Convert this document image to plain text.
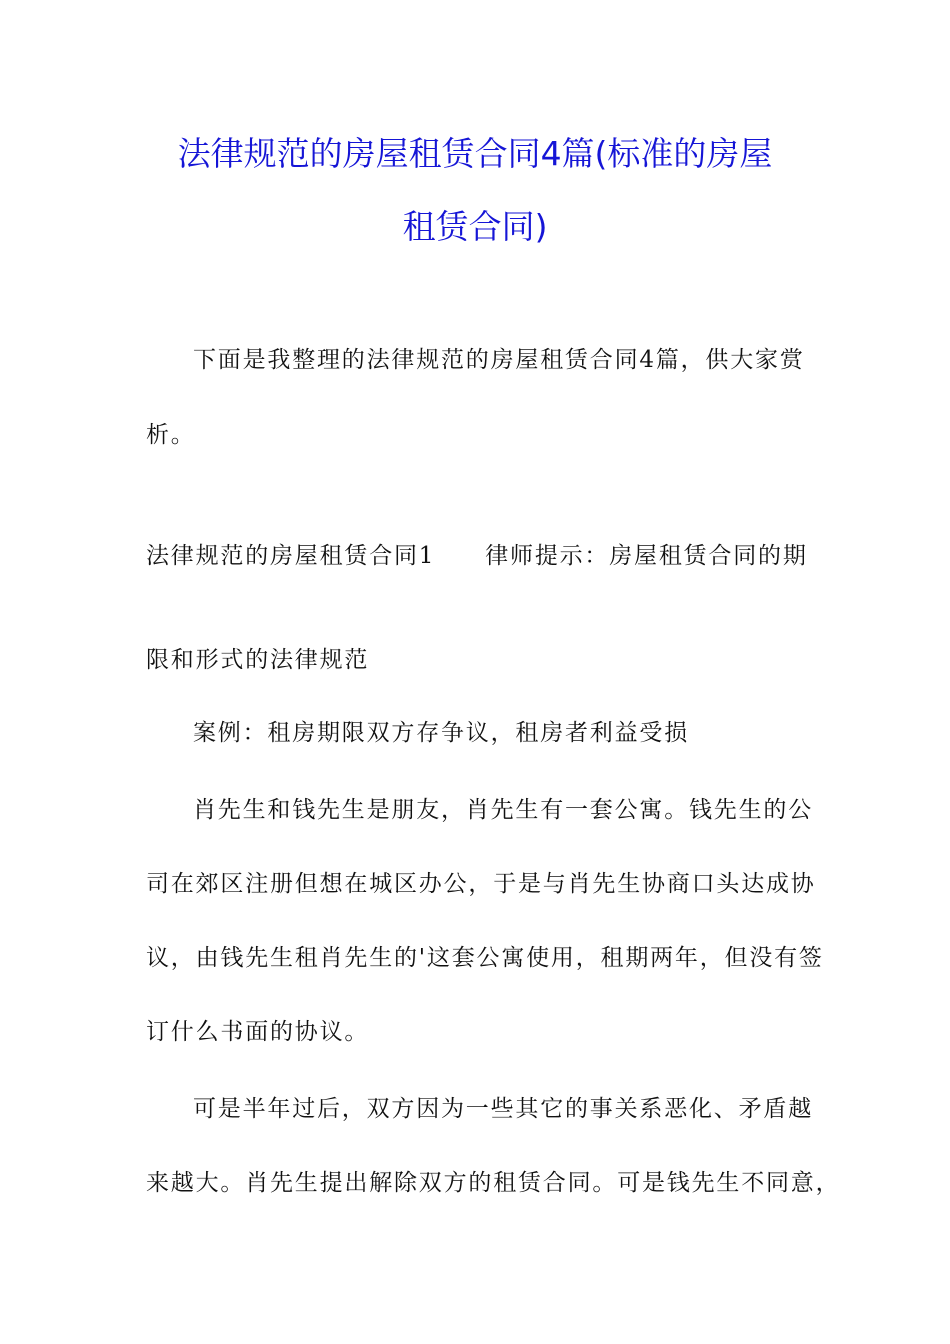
法律规范的房屋租赁合同4篇(标准的房屋
租赁合同)
下面是我整理的法律规范的房屋租赁合同4篇，供大家赏
析。
法律规范的房屋租赁合同1 律师提示：房屋租赁合同的期
限和形式的法律规范
案例：租房期限双方存争议，租房者利益受损
肖先生和钱先生是朋友，肖先生有一套公寓。钱先生的公
司在郊区注册但想在城区办公，于是与肖先生协商口头达成协
议，由钱先生租肖先生的'这套公寓使用，租期两年，但没有签
订什么书面的协议。
可是半年过后，双方因为一些其它的事关系恶化、矛盾越
来越大。肖先生提出解除双方的租赁合同。可是钱先生不同意，
